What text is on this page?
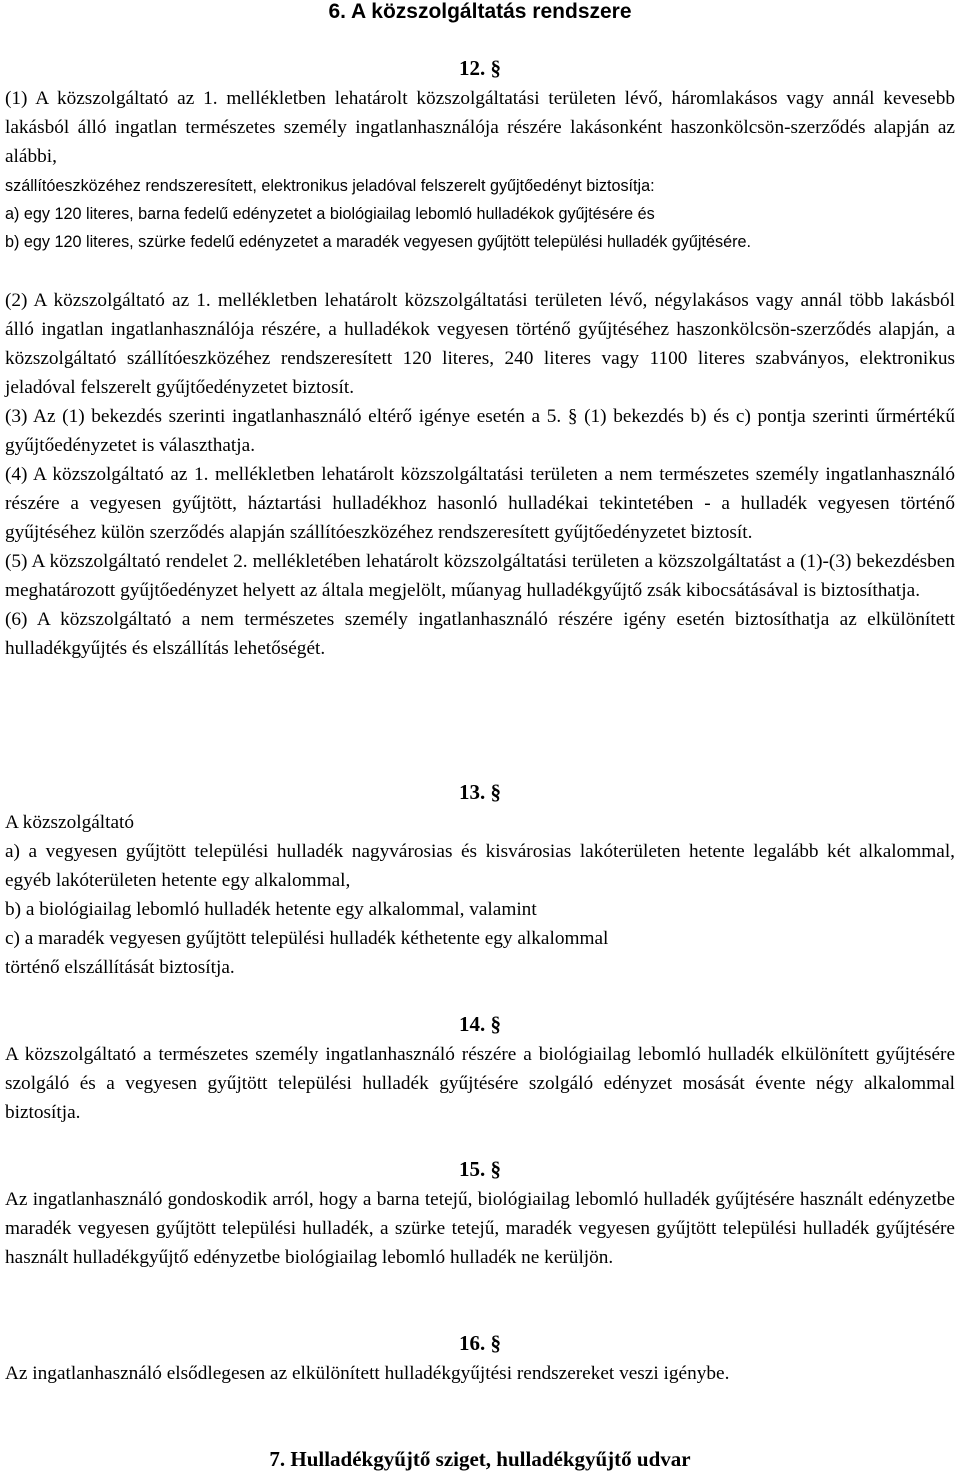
6. A közszolgáltatás rendszere
12. §
(1) A közszolgáltató az 1. mellékletben lehatárolt közszolgáltatási területen lévő, háromlakásos vagy annál kevesebb lakásból álló ingatlan természetes személy ingatlanhasználója részére lakásonként haszonkölcsön-szerződés alapján az alábbi,

szállítóeszközéhez rendszeresített, elektronikus jeladóval felszerelt gyűjtőedényt biztosítja:

a) egy 120 literes, barna fedelű edényzetet a biológiailag lebomló hulladékok gyűjtésére és

b) egy 120 literes, szürke fedelű edényzetet a maradék vegyesen gyűjtött települési hulladék gyűjtésére.

(2) A közszolgáltató az 1. mellékletben lehatárolt közszolgáltatási területen lévő, négylakásos vagy annál több lakásból álló ingatlan ingatlanhasználója részére, a hulladékok vegyesen történő gyűjtéséhez haszonkölcsön-szerződés alapján, a közszolgáltató szállítóeszközéhez rendszeresített 120 literes, 240 literes vagy 1100 literes szabványos, elektronikus jeladóval felszerelt gyűjtőedényzetet biztosít.

(3) Az (1) bekezdés szerinti ingatlanhasználó eltérő igénye esetén a 5. § (1) bekezdés b) és c) pontja szerinti űrmértékű gyűjtőedényzetet is választhatja.

(4) A közszolgáltató az 1. mellékletben lehatárolt közszolgáltatási területen a nem természetes személy ingatlanhasználó részére a vegyesen gyűjtött, háztartási hulladékhoz hasonló hulladékai tekintetében - a hulladék vegyesen történő gyűjtéséhez külön szerződés alapján szállítóeszközéhez rendszeresített gyűjtőedényzetet biztosít.

(5) A közszolgáltató rendelet 2. mellékletében lehatárolt közszolgáltatási területen a közszolgáltatást a (1)-(3) bekezdésben meghatározott gyűjtőedényzet helyett az általa megjelölt, műanyag hulladékgyűjtő zsák kibocsátásával is biztosíthatja.

(6) A közszolgáltató a nem természetes személy ingatlanhasználó részére igény esetén biztosíthatja az elkülönített hulladékgyűjtés és elszállítás lehetőségét.

13. §

A közszolgáltató

a) a vegyesen gyűjtött települési hulladék nagyvárosias és kisvárosias lakóterületen hetente legalább két alkalommal, egyéb lakóterületen hetente egy alkalommal,

b) a biológiailag lebomló hulladék hetente egy alkalommal, valamint

c) a maradék vegyesen gyűjtött települési hulladék kéthetente egy alkalommal

történő elszállítását biztosítja.

14. §
A közszolgáltató a természetes személy ingatlanhasználó részére a biológiailag lebomló hulladék elkülönített gyűjtésére szolgáló és a vegyesen gyűjtött települési hulladék gyűjtésére szolgáló edényzet mosását évente négy alkalommal biztosítja.
15. §
Az ingatlanhasználó gondoskodik arról, hogy a barna tetejű, biológiailag lebomló hulladék gyűjtésére használt edényzetbe maradék vegyesen gyűjtött települési hulladék, a szürke tetejű, maradék vegyesen gyűjtött települési hulladék gyűjtésére használt hulladékgyűjtő edényzetbe biológiailag lebomló hulladék ne kerüljön.
16. §
Az ingatlanhasználó elsődlegesen az elkülönített hulladékgyűjtési rendszereket veszi igénybe.
7. Hulladékgyűjtő sziget, hulladékgyűjtő udvar
